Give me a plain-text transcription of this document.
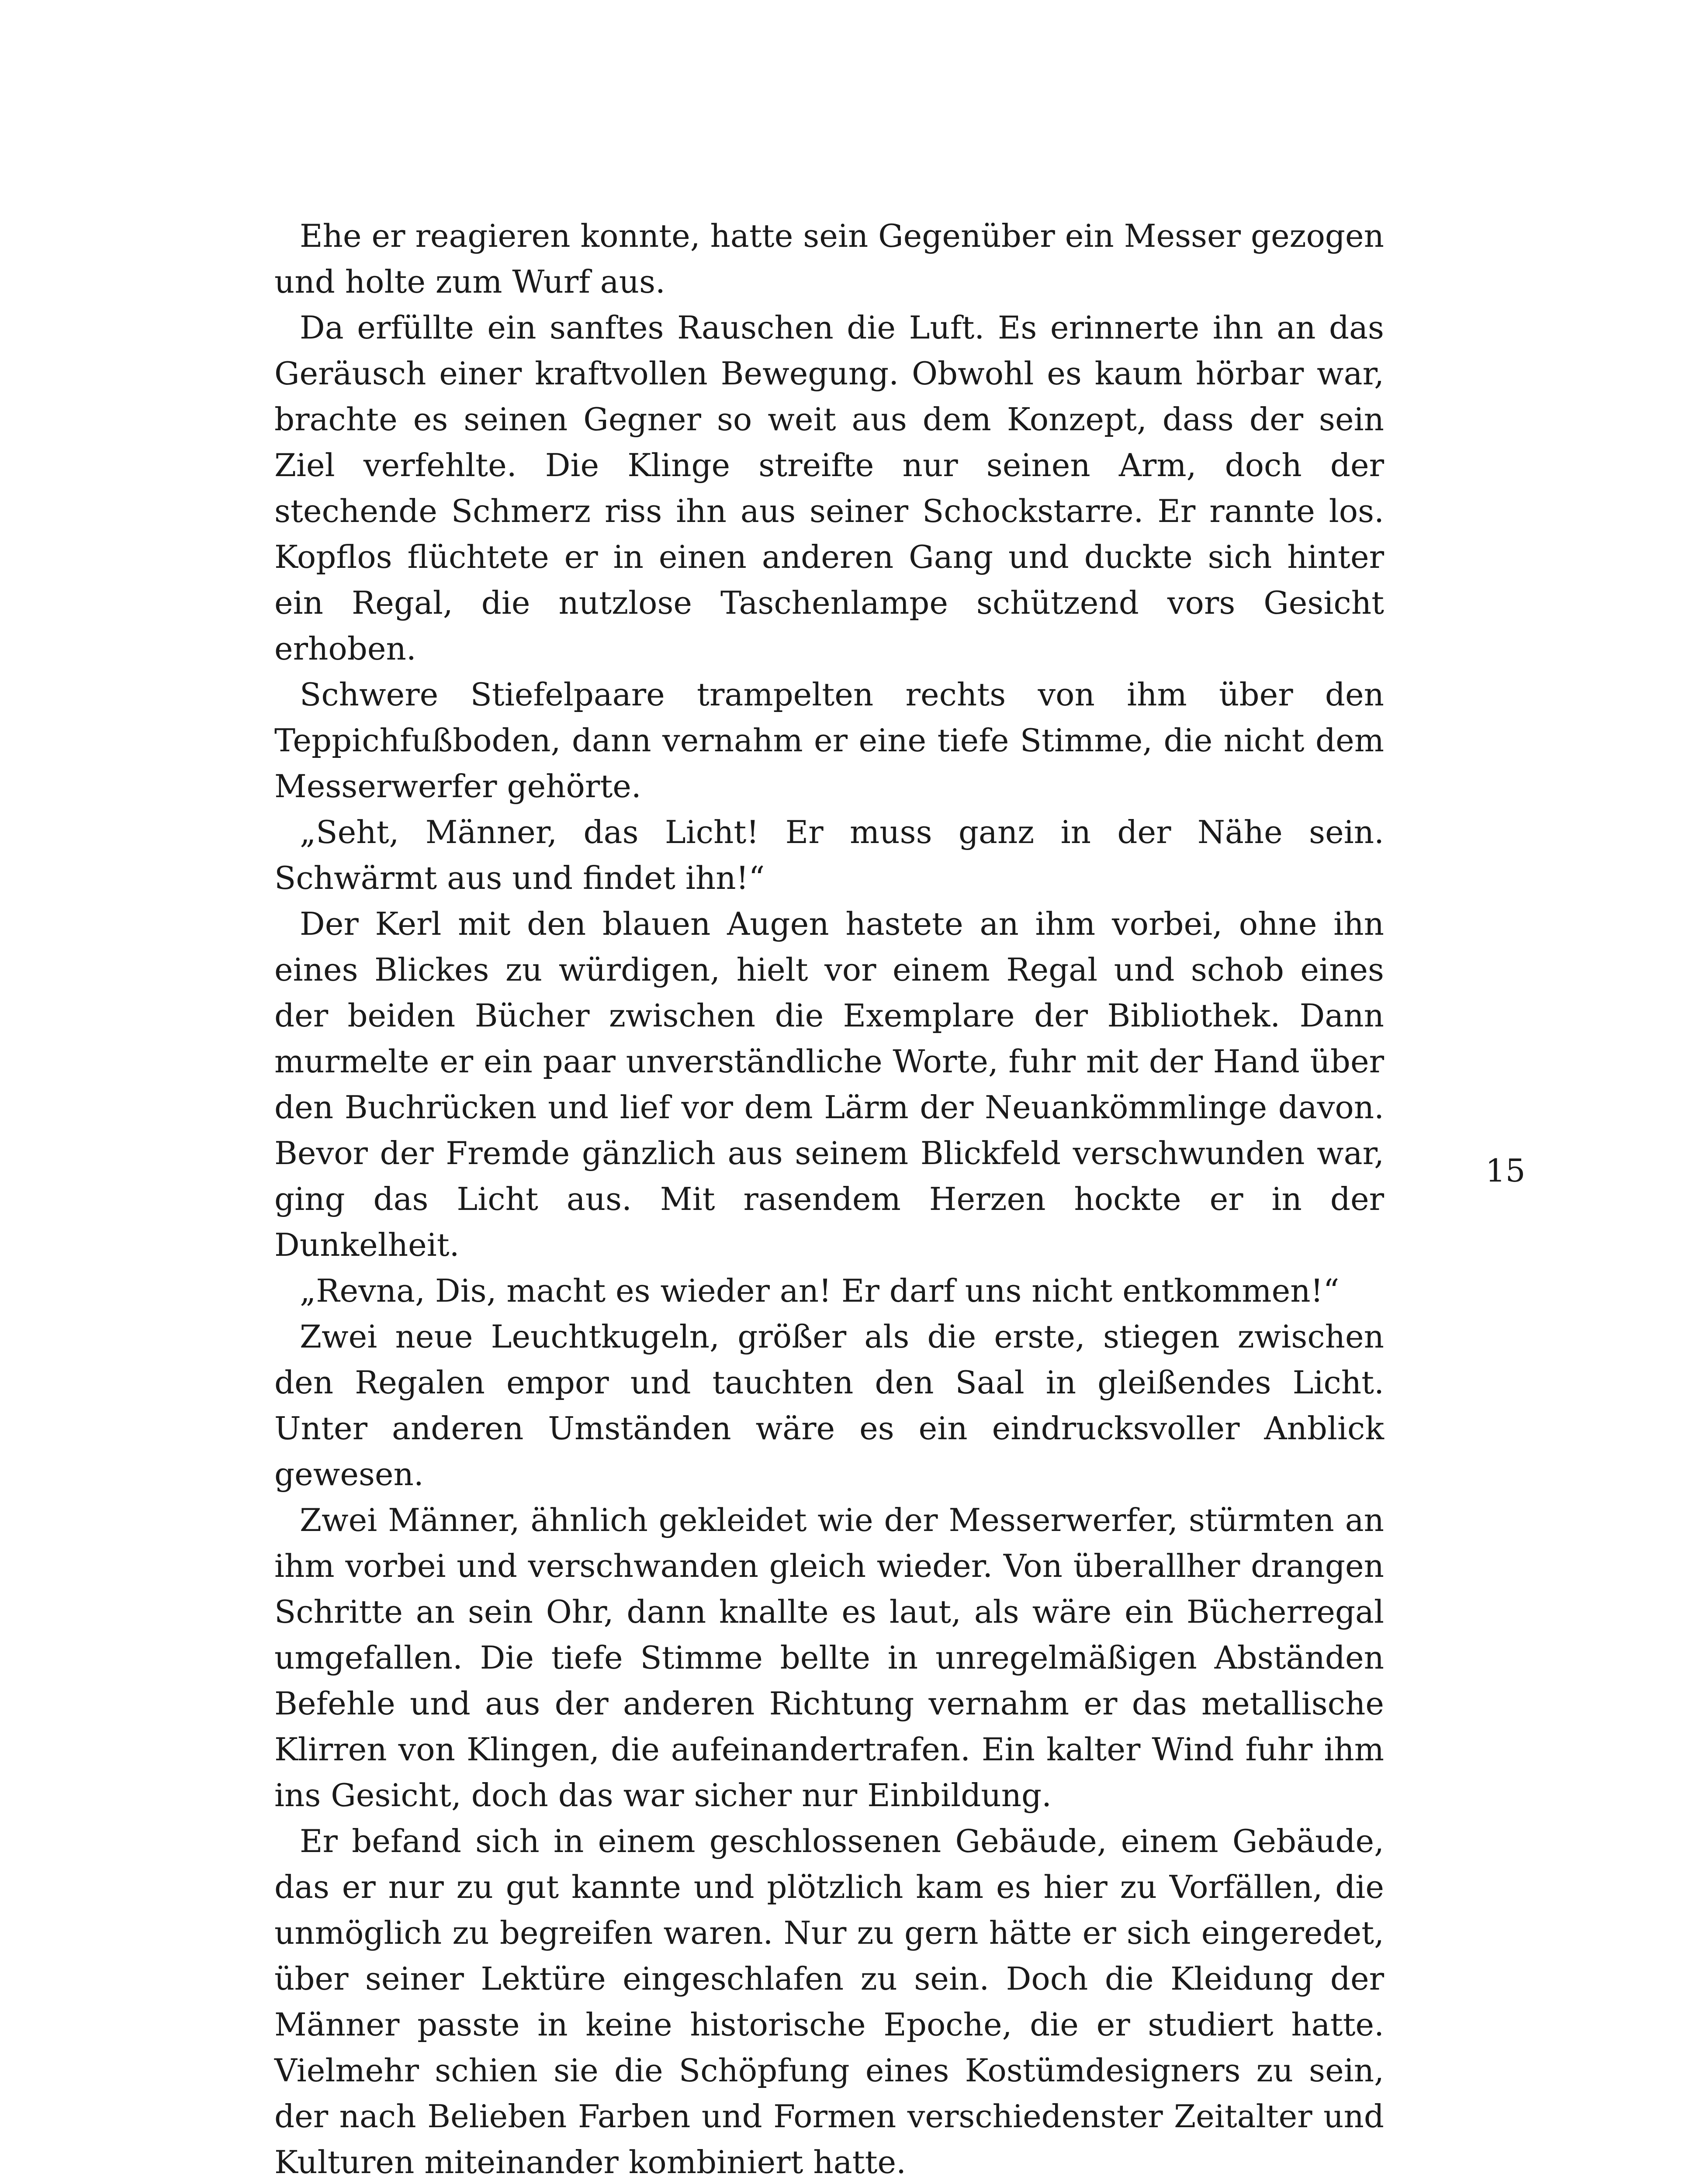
Ehe er reagieren konnte, hatte sein Gegenüber ein Messer gezogen und holte zum Wurf aus.

Da erfüllte ein sanftes Rauschen die Luft. Es erinnerte ihn an das Geräusch einer kraftvollen Bewegung. Obwohl es kaum hörbar war, brachte es seinen Gegner so weit aus dem Konzept, dass der sein Ziel verfehlte. Die Klinge streifte nur seinen Arm, doch der stechende Schmerz riss ihn aus seiner Schockstarre. Er rannte los. Kopflos flüchtete er in einen anderen Gang und duckte sich hinter ein Regal, die nutzlose Taschenlampe schützend vors Gesicht erhoben.

Schwere Stiefelpaare trampelten rechts von ihm über den Teppichfußboden, dann vernahm er eine tiefe Stimme, die nicht dem Messerwerfer gehörte.

„Seht, Männer, das Licht! Er muss ganz in der Nähe sein. Schwärmt aus und findet ihn!“

Der Kerl mit den blauen Augen hastete an ihm vorbei, ohne ihn eines Blickes zu würdigen, hielt vor einem Regal und schob eines der beiden Bücher zwischen die Exemplare der Bibliothek. Dann murmelte er ein paar unverständliche Worte, fuhr mit der Hand über den Buchrücken und lief vor dem Lärm der Neuankömmlinge davon. Bevor der Fremde gänzlich aus seinem Blickfeld verschwunden war, ging das Licht aus. Mit rasendem Herzen hockte er in der Dunkelheit.

„Revna, Dis, macht es wieder an! Er darf uns nicht entkommen!“

Zwei neue Leuchtkugeln, größer als die erste, stiegen zwischen den Regalen empor und tauchten den Saal in gleißendes Licht. Unter anderen Umständen wäre es ein eindrucksvoller Anblick gewesen.

Zwei Männer, ähnlich gekleidet wie der Messerwerfer, stürmten an ihm vorbei und verschwanden gleich wieder. Von überallher drangen Schritte an sein Ohr, dann knallte es laut, als wäre ein Bücherregal umgefallen. Die tiefe Stimme bellte in unregelmäßigen Abständen Befehle und aus der anderen Richtung vernahm er das metallische Klirren von Klingen, die aufeinandertrafen. Ein kalter Wind fuhr ihm ins Gesicht, doch das war sicher nur Einbildung.

Er befand sich in einem geschlossenen Gebäude, einem Gebäude, das er nur zu gut kannte und plötzlich kam es hier zu Vorfällen, die unmöglich zu begreifen waren. Nur zu gern hätte er sich eingeredet, über seiner Lektüre eingeschlafen zu sein. Doch die Kleidung der Männer passte in keine historische Epoche, die er studiert hatte. Vielmehr schien sie die Schöpfung eines Kostümdesigners zu sein, der nach Belieben Farben und Formen verschiedenster Zeitalter und Kulturen miteinander kombiniert hatte.

15
